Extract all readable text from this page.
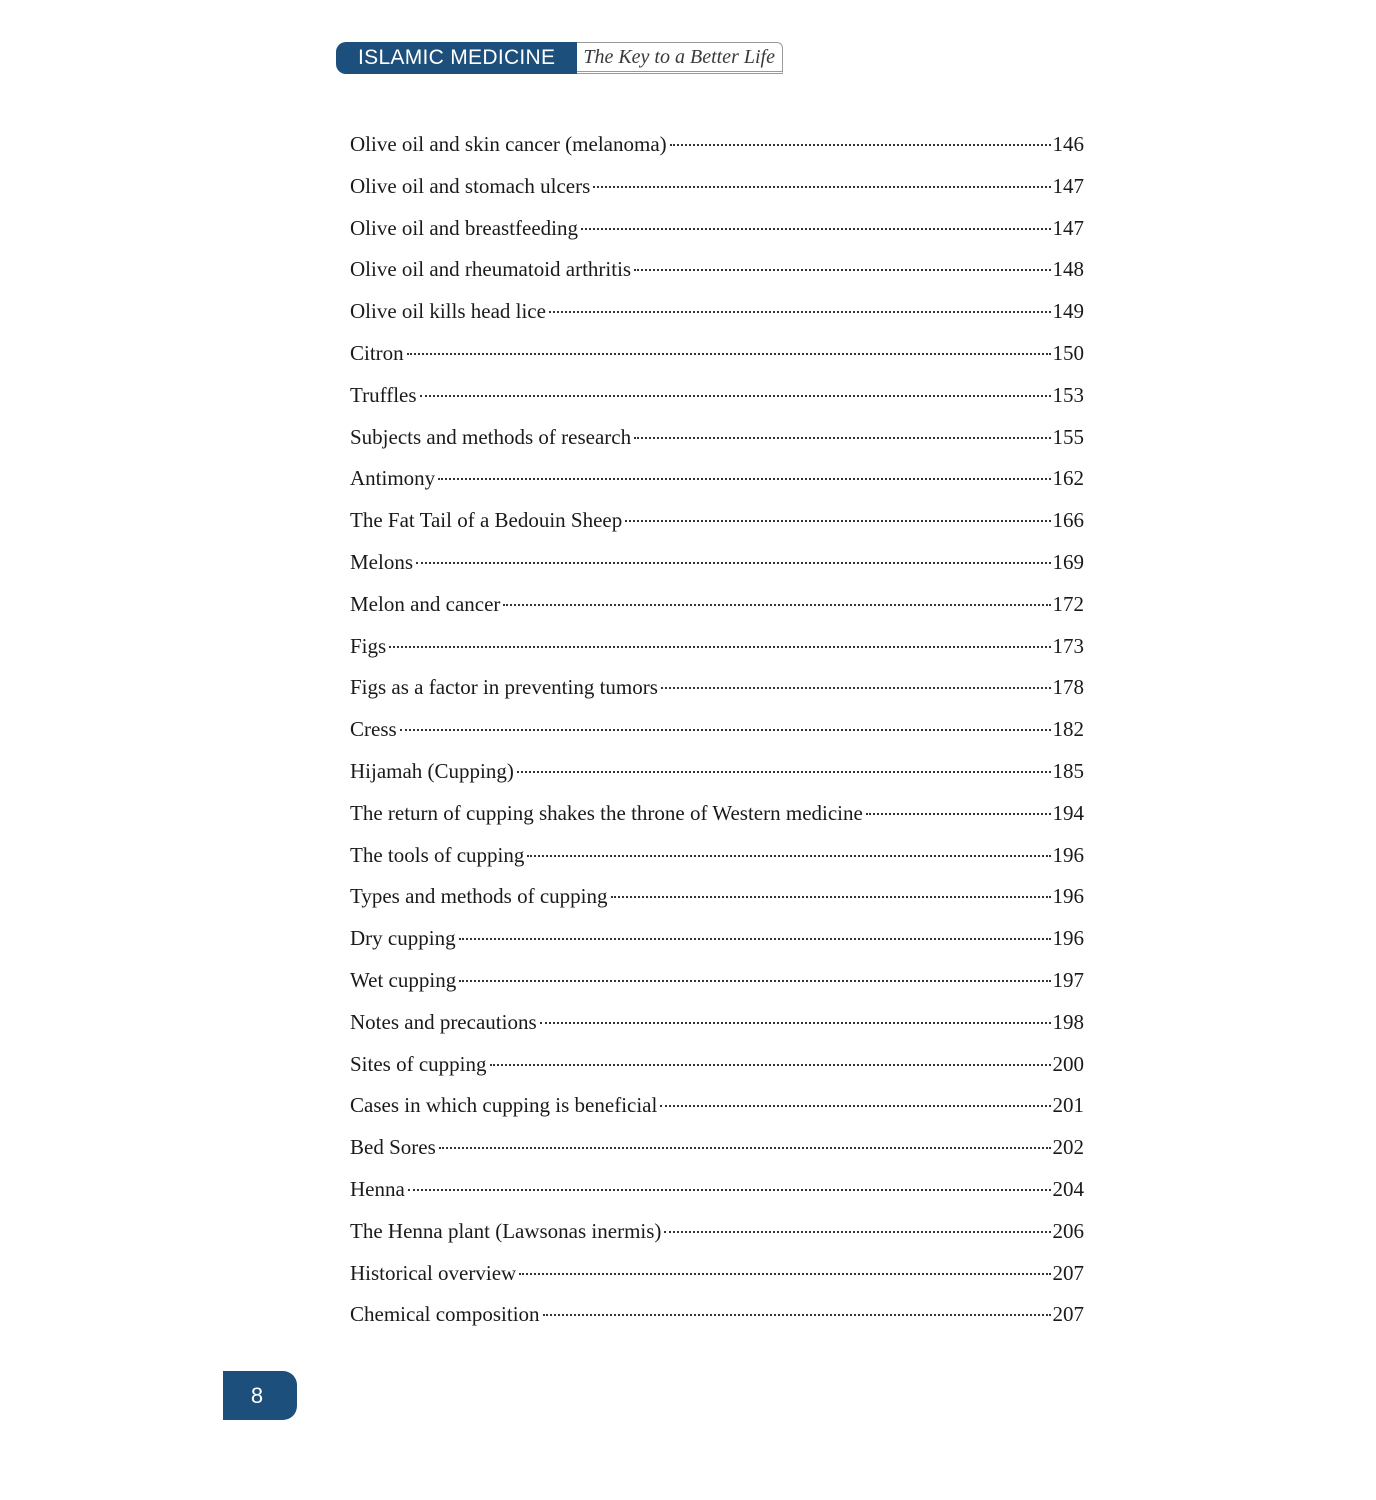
ISLAMIC MEDICINE	The Key to a Better Life
Olive oil and skin cancer (melanoma)	146
Olive oil and stomach ulcers	147
Olive oil and breastfeeding	147
Olive oil and rheumatoid arthritis	148
Olive oil kills head lice	149
Citron	150
Truffles	153
Subjects and methods of research	155
Antimony	162
The Fat Tail of a Bedouin Sheep	166
Melons	169
Melon and cancer	172
Figs	173
Figs as a factor in preventing tumors	178
Cress	182
Hijamah (Cupping)	185
The return of cupping shakes the throne of Western medicine	194
The tools of cupping	196
Types and methods of cupping	196
Dry cupping	196
Wet cupping	197
Notes and precautions	198
Sites of cupping	200
Cases in which cupping is beneficial	201
Bed Sores	202
Henna	204
The Henna plant (Lawsonas inermis)	206
Historical overview	207
Chemical composition	207
8
